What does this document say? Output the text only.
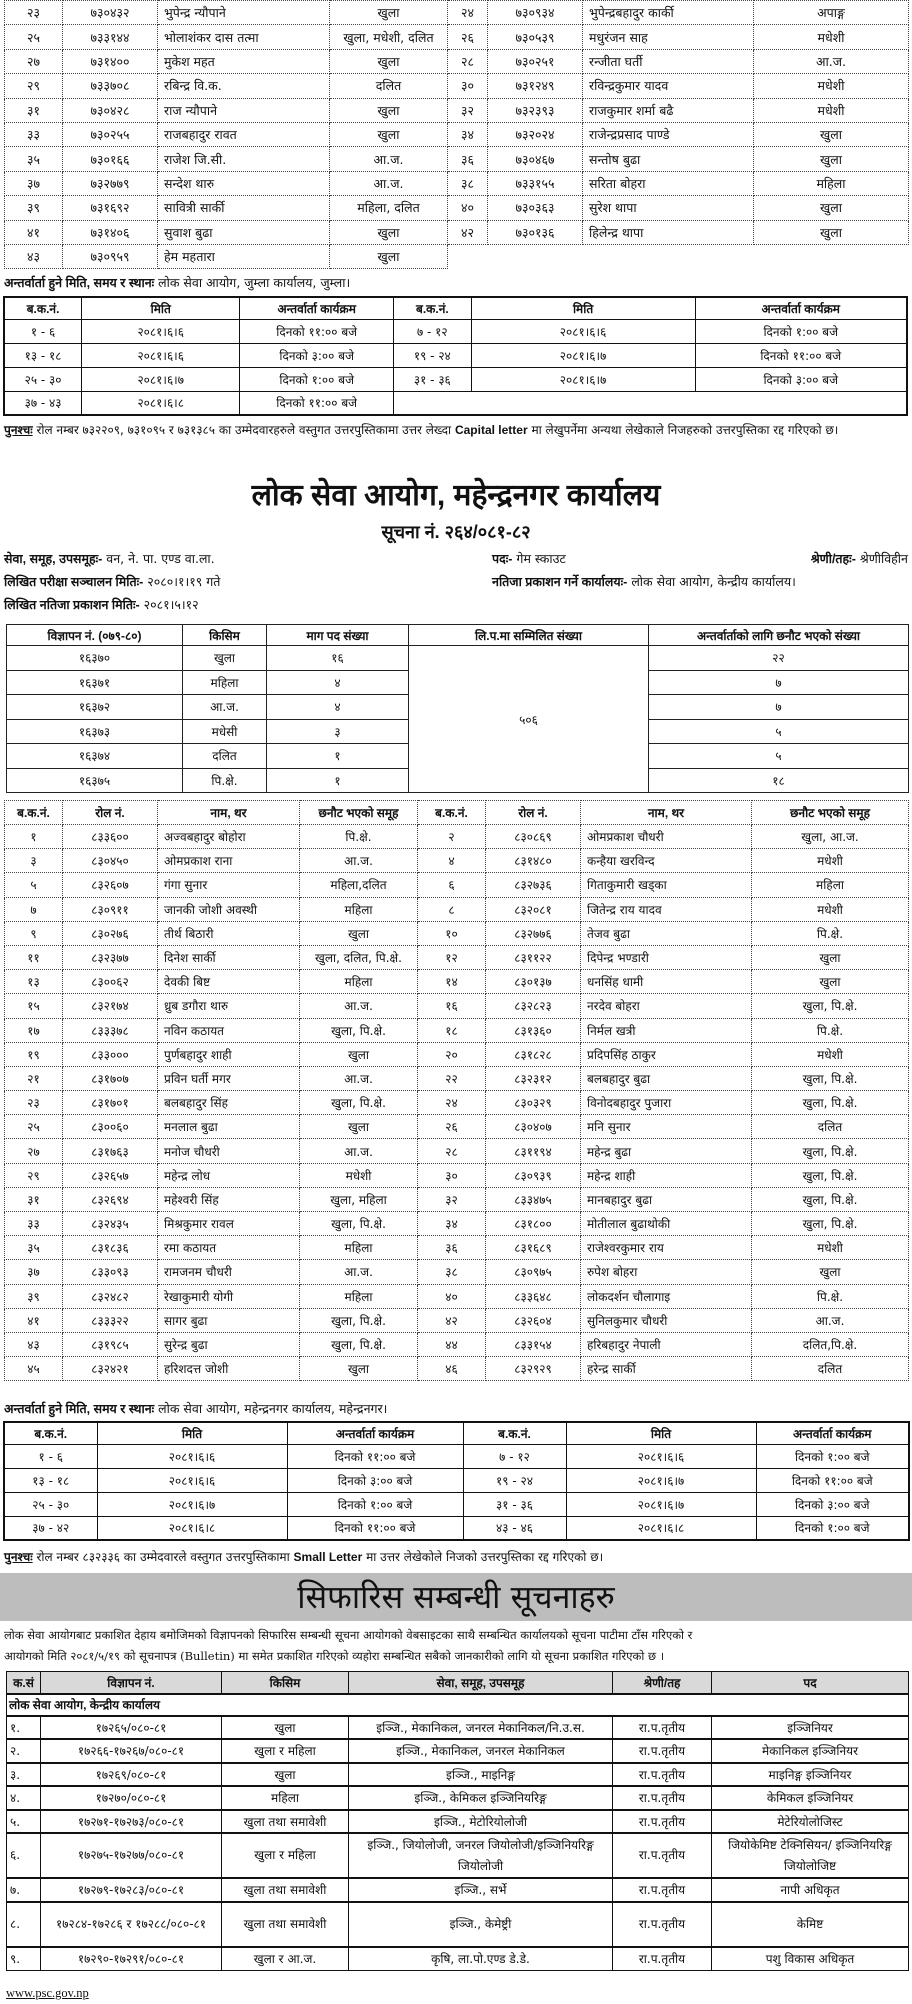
२३	७३०४३२	भुपेन्द्र न्यौपाने	खुला	२४	७३०९३४	भुपेन्द्रबहादुर कार्की	अपाङ्ग
२५	७३३१४४	भोलाशंकर दास तत्मा	खुला, मधेशी, दलित	२६	७३०५३९	मधुरंजन साह	मधेशी
२७	७३१४००	मुकेश महत	खुला	२८	७३०२५१	रन्जीता घर्ती	आ.ज.
२९	७३३७०८	रबिन्द्र वि.क.	दलित	३०	७३१२४९	रविन्द्रकुमार यादव	मधेशी
३१	७३०४२८	राज न्यौपाने	खुला	३२	७३२३९३	राजकुमार शर्मा बढै	मधेशी
३३	७३०२५५	राजबहादुर रावत	खुला	३४	७३२०२४	राजेन्द्रप्रसाद पाण्डे	खुला
३५	७३०१६६	राजेश जि.सी.	आ.ज.	३६	७३०४६७	सन्तोष बुढा	खुला
३७	७३२७७९	सन्देश थारु	आ.ज.	३८	७३३१५५	सरिता बोहरा	महिला
३९	७३१६९२	सावित्री सार्की	महिला, दलित	४०	७३०३६३	सुरेश थापा	खुला
४१	७३१४०६	सुवाश बुढा	खुला	४२	७३०१३६	हिलेन्द्र थापा	खुला
४३	७३०९५९	हेम महतारा	खुला				
अन्तर्वार्ता हुने मिति, समय र स्थानः लोक सेवा आयोग, जुम्ला कार्यालय, जुम्ला।
ब.क.नं.	मिति	अन्तर्वार्ता कार्यक्रम	ब.क.नं.	मिति	अन्तर्वार्ता कार्यक्रम
१ - ६	२०८१।६।६	दिनको ११:०० बजे	७ - १२	२०८१।६।६	दिनको १:०० बजे
१३ - १८	२०८१।६।६	दिनको ३:०० बजे	१९ - २४	२०८१।६।७	दिनको ११:०० बजे
२५ - ३०	२०८१।६।७	दिनको १:०० बजे	३१ - ३६	२०८१।६।७	दिनको ३:०० बजे
३७ - ४३	२०८१।६।८	दिनको ११:०० बजे			
पुनश्चः रोल नम्बर ७३२२०९, ७३१०९५ र ७३१३८५ का उम्मेदवारहरुले वस्तुगत उत्तरपुस्तिकामा उत्तर लेख्दा Capital letter मा लेखुपर्नेमा अन्यथा लेखेकाले निजहरुको उत्तरपुस्तिका रद्द गरिएको छ।
लोक सेवा आयोग, महेन्द्रनगर कार्यालय
सूचना नं. २६४/०८१-८२
सेवा, समूह, उपसमूहः- वन, ने. पा. एण्ड वा.ला.	पदः- गेम स्काउट	श्रेणी/तहः- श्रेणीविहीन
लिखित परीक्षा सञ्चालन मितिः- २०८०।१।१९ गते	नतिजा प्रकाशन गर्ने कार्यालयः- लोक सेवा आयोग, केन्द्रीय कार्यालय।
लिखित नतिजा प्रकाशन मितिः- २०८१।५।१२
विज्ञापन नं. (०७९-८०)	किसिम	माग पद संख्या	लि.प.मा सम्मिलित संख्या	अन्तर्वार्ताको लागि छनौट भएको संख्या
१६३७०	खुला	१६	५०६	२२
१६३७१	महिला	४		७
१६३७२	आ.ज.	४		७
१६३७३	मधेसी	३		५
१६३७४	दलित	१		५
१६३७५	पि.क्षे.	१		१८
ब.क.नं.	रोल नं.	नाम, थर	छनौट भएको समूह	ब.क.नं.	रोल नं.	नाम, थर	छनौट भएको समूह
१	८३३६००	अज्वबहादुर बोहोरा	पि.क्षे.	२	८३०८६९	ओमप्रकाश चौधरी	खुला, आ.ज.
३	८३०४५०	ओमप्रकाश राना	आ.ज.	४	८३१४८०	कन्हैया खरविन्द	मधेशी
५	८३२६०७	गंगा सुनार	महिला,दलित	६	८३२७३६	गिताकुमारी खड्का	महिला
७	८३०९११	जानकी जोशी अवस्थी	महिला	८	८३२०८१	जितेन्द्र राय यादव	मधेशी
९	८३०२७६	तीर्थ बिठारी	खुला	१०	८३२७७६	तेजव बुढा	पि.क्षे.
११	८३२३७७	दिनेश सार्की	खुला, दलित, पि.क्षे.	१२	८३११२२	दिपेन्द्र भण्डारी	खुला
१३	८३००६२	देवकी बिष्ट	महिला	१४	८३०१३७	धनसिंह धामी	खुला
१५	८३२१७४	ध्रुब डगौरा थारु	आ.ज.	१६	८३२८२३	नरदेव बोहरा	खुला, पि.क्षे.
१७	८३३३७८	नविन कठायत	खुला, पि.क्षे.	१८	८३१३६०	निर्मल खत्री	पि.क्षे.
१९	८३३०००	पुर्णबहादुर शाही	खुला	२०	८३१८२८	प्रदिपसिंह ठाकुर	मधेशी
२१	८३१७०७	प्रविन घर्ती मगर	आ.ज.	२२	८३२३१२	बलबहादुर बुढा	खुला, पि.क्षे.
२३	८३१७०१	बलबहादुर सिंह	खुला, पि.क्षे.	२४	८३०३२९	विनोदबहादुर पुजारा	खुला, पि.क्षे.
२५	८३००६०	मनलाल बुढा	खुला	२६	८३०४०७	मनि सुनार	दलित
२७	८३१७६३	मनोज चौधरी	आ.ज.	२८	८३११९४	महेन्द्र बुढा	खुला, पि.क्षे.
२९	८३२६५७	महेन्द्र लोध	मधेशी	३०	८३०९३९	महेन्द्र शाही	खुला, पि.क्षे.
३१	८३२६९४	महेश्वरी सिंह	खुला, महिला	३२	८३३४७५	मानबहादुर बुढा	खुला, पि.क्षे.
३३	८३२४३५	मिश्रकुमार रावल	खुला, पि.क्षे.	३४	८३१८००	मोतीलाल बुढाथोकी	खुला, पि.क्षे.
३५	८३१८३६	रमा कठायत	महिला	३६	८३१६८९	राजेश्वरकुमार राय	मधेशी
३७	८३३०९३	रामजनम चौधरी	आ.ज.	३८	८३०९७५	रुपेश बोहरा	खुला
३९	८३२४८२	रेखाकुमारी योगी	महिला	४०	८३३६४८	लोकदर्शन चौलागाइ	पि.क्षे.
४१	८३३३२२	सागर बुढा	खुला, पि.क्षे.	४२	८३२६०४	सुनिलकुमार चौधरी	आ.ज.
४३	८३१९८५	सुरेन्द्र बुढा	खुला, पि.क्षे.	४४	८३३१५४	हरिबहादुर नेपाली	दलित,पि.क्षे.
४५	८३२४२१	हरिशदत्त जोशी	खुला	४६	८३२९२९	हरेन्द्र सार्की	दलित
अन्तर्वार्ता हुने मिति, समय र स्थानः लोक सेवा आयोग, महेन्द्रनगर कार्यालय, महेन्द्रनगर।
ब.क.नं.	मिति	अन्तर्वार्ता कार्यक्रम	ब.क.नं.	मिति	अन्तर्वार्ता कार्यक्रम
१ - ६	२०८१।६।६	दिनको ११:०० बजे	७ - १२	२०८१।६।६	दिनको १:०० बजे
१३ - १८	२०८१।६।६	दिनको ३:०० बजे	१९ - २४	२०८१।६।७	दिनको ११:०० बजे
२५ - ३०	२०८१।६।७	दिनको १:०० बजे	३१ - ३६	२०८१।६।७	दिनको ३:०० बजे
३७ - ४२	२०८१।६।८	दिनको ११:०० बजे	४३ - ४६	२०८१।६।८	दिनको १:०० बजे
पुनश्चः रोल नम्बर ८३२३३६ का उम्मेदवारले वस्तुगत उत्तरपुस्तिकामा Small Letter मा उत्तर लेखेकोले निजको उत्तरपुस्तिका रद्द गरिएको छ।
सिफारिस सम्बन्धी सूचनाहरु
लोक सेवा आयोगबाट प्रकाशित देहाय बमोजिमको विज्ञापनको सिफारिस सम्बन्धी सूचना आयोगको वेबसाइटका साथै सम्बन्धित कार्यालयको सूचना पाटीमा टाँस गरिएको र
आयोगको मिति २०८१/५/१९ को सूचनापत्र (Bulletin) मा समेत प्रकाशित गरिएको व्यहोरा सम्बन्धित सबैको जानकारीको लागि यो सूचना प्रकाशित गरिएको छ ।
क.सं	विज्ञापन नं.	किसिम	सेवा, समूह, उपसमूह	श्रेणी/तह	पद
लोक सेवा आयोग, केन्द्रीय कार्यालय					
१.	१७२६५/०८०-८१	खुला	इञ्जि., मेकानिकल, जनरल मेकानिकल/नि.उ.स.	रा.प.तृतीय	इञ्जिनियर
२.	१७२६६-१७२६७/०८०-८१	खुला र महिला	इञ्जि., मेकानिकल, जनरल मेकानिकल	रा.प.तृतीय	मेकानिकल इञ्जिनियर
३.	१७२६९/०८०-८१	खुला	इञ्जि., माइनिङ्ग	रा.प.तृतीय	माइनिङ्ग इञ्जिनियर
४.	१७२७०/०८०-८१	महिला	इञ्जि., केमिकल इञ्जिनियरिङ्ग	रा.प.तृतीय	केमिकल इञ्जिनियर
५.	१७२७१-१७२७३/०८०-८१	खुला तथा समावेशी	इञ्जि., मेटोरियोलोजी	रा.प.तृतीय	मेटेरियोलोजिस्ट
६.	१७२७५-१७२७७/०८०-८१	खुला र महिला	इञ्जि., जियोलोजी, जनरल जियोलोजी/इञ्जिनियरिङ्ग जियोलोजी	रा.प.तृतीय	जियोकेमिष्ट टेक्निसियन/ इञ्जिनियरिङ्ग जियोलोजिष्ट
७.	१७२७९-१७२८३/०८०-८१	खुला तथा समावेशी	इञ्जि., सर्भे	रा.प.तृतीय	नापी अधिकृत
८.	१७२८४-१७२८६ र १७२८८/०८०-८१	खुला तथा समावेशी	इञ्जि., केमेष्ट्री	रा.प.तृतीय	केमिष्ट
९.	१७२९०-१७२९१/०८०-८१	खुला र आ.ज.	कृषि, ला.पो.एण्ड डे.डे.	रा.प.तृतीय	पशु विकास अधिकृत
www.psc.gov.np
